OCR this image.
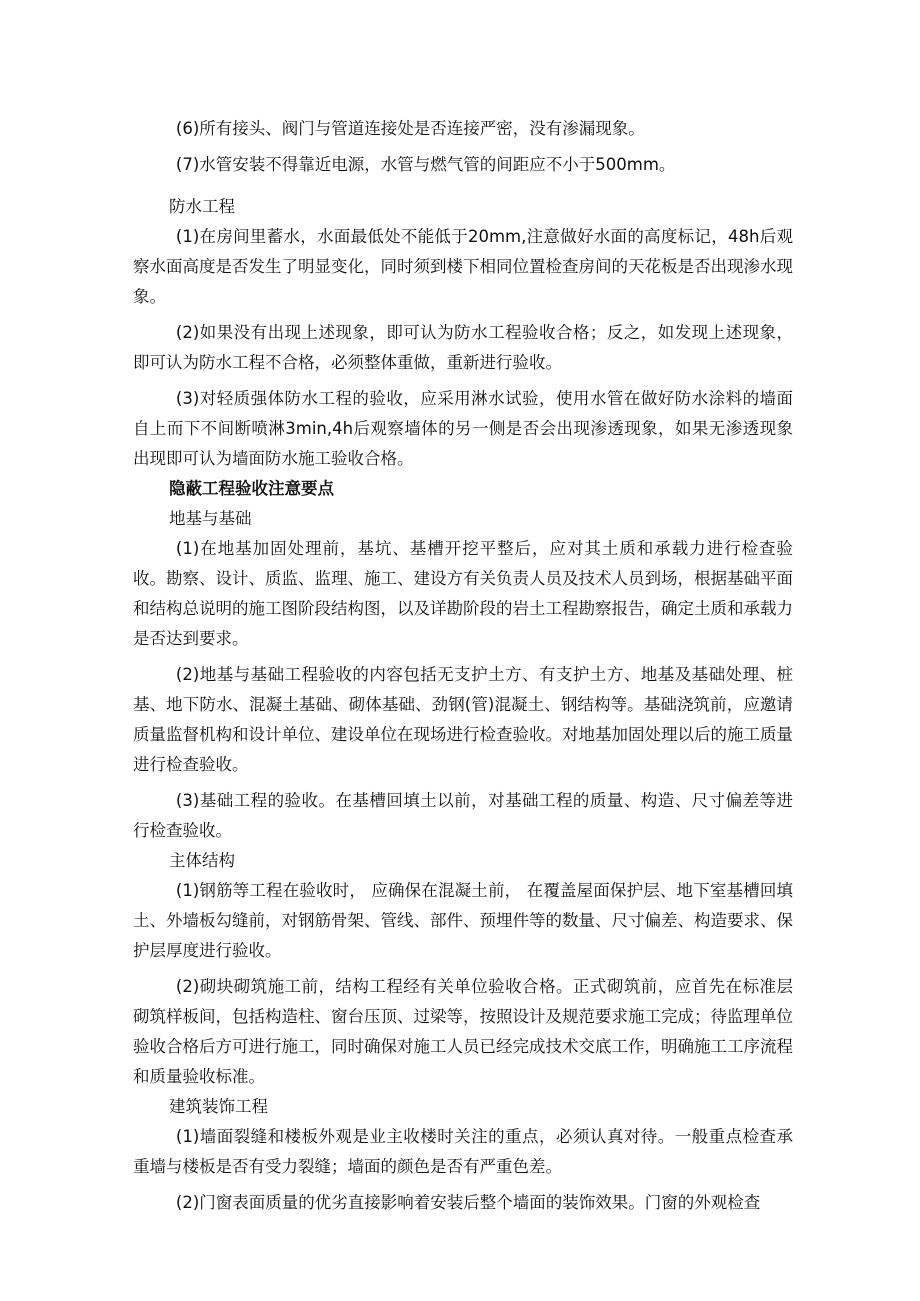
(6)所有接头、阀门与管道连接处是否连接严密，没有渗漏现象。

(7)水管安装不得靠近电源，水管与燃气管的间距应不小于500mm。

防水工程

(1)在房间里蓄水，水面最低处不能低于20mm,注意做好水面的高度标记，48h后观察水面高度是否发生了明显变化，同时须到楼下相同位置检查房间的天花板是否出现渗水现象。

(2)如果没有出现上述现象，即可认为防水工程验收合格；反之，如发现上述现象，即可认为防水工程不合格，必须整体重做，重新进行验收。

(3)对轻质强体防水工程的验收，应采用淋水试验，使用水管在做好防水涂料的墙面自上而下不间断喷淋3min,4h后观察墙体的另一侧是否会出现渗透现象，如果无渗透现象出现即可认为墙面防水施工验收合格。

隐蔽工程验收注意要点

地基与基础

(1)在地基加固处理前，基坑、基槽开挖平整后，应对其土质和承载力进行检查验收。勘察、设计、质监、监理、施工、建设方有关负责人员及技术人员到场，根据基础平面和结构总说明的施工图阶段结构图，以及详勘阶段的岩土工程勘察报告，确定土质和承载力是否达到要求。

(2)地基与基础工程验收的内容包括无支护土方、有支护土方、地基及基础处理、桩基、地下防水、混凝土基础、砌体基础、劲钢(管)混凝土、钢结构等。基础浇筑前，应邀请质量监督机构和设计单位、建设单位在现场进行检查验收。对地基加固处理以后的施工质量进行检查验收。

(3)基础工程的验收。在基槽回填土以前，对基础工程的质量、构造、尺寸偏差等进行检查验收。

主体结构

(1)钢筋等工程在验收时， 应确保在混凝土前， 在覆盖屋面保护层、地下室基槽回填土、外墙板勾缝前，对钢筋骨架、管线、部件、预埋件等的数量、尺寸偏差、构造要求、保护层厚度进行验收。

(2)砌块砌筑施工前，结构工程经有关单位验收合格。正式砌筑前，应首先在标准层砌筑样板间，包括构造柱、窗台压顶、过梁等，按照设计及规范要求施工完成；待监理单位验收合格后方可进行施工，同时确保对施工人员已经完成技术交底工作，明确施工工序流程和质量验收标准。

建筑装饰工程

(1)墙面裂缝和楼板外观是业主收楼时关注的重点，必须认真对待。一般重点检查承重墙与楼板是否有受力裂缝；墙面的颜色是否有严重色差。

(2)门窗表面质量的优劣直接影响着安装后整个墙面的装饰效果。门窗的外观检查
